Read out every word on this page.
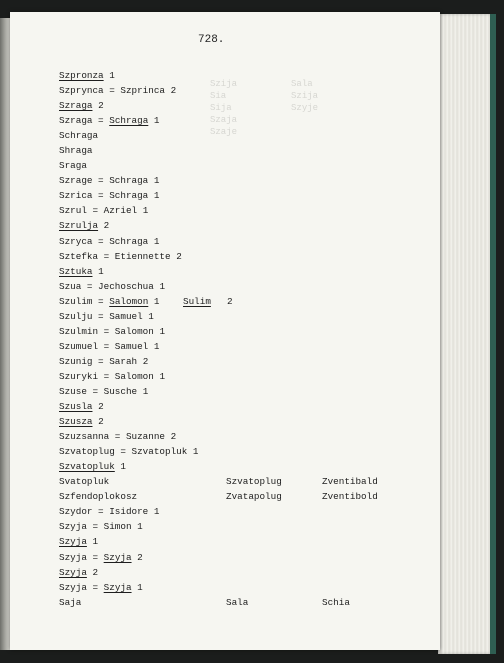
Szija          Sala
Sia            Szija
Sija           Szyje
Szaja
Szaje
728.
Szpronza 1
Szprynca = Szprinca 2
Szraga 2
Szraga = Schraga 1
Schraga
Shraga
Sraga
Szrage = Schraga 1
Szrica = Schraga 1
Szrul = Azriel 1
Szrulja 2
Szryca = Schraga 1
Sztefka = Etiennette 2
Sztuka 1
Szua = Jechoschua 1
Szulim = Salomon 1	Sulim 2
Szulju = Samuel 1
Szulmin = Salomon 1
Szumuel = Samuel 1
Szunig = Sarah 2
Szuryki = Salomon 1
Szuse = Susche 1
Szusla 2
Szusza 2
Szuzsanna = Suzanne 2
Szvatoplug = Szvatopluk 1
Szvatopluk 1
Svatopluk	Szvatoplug	Zventibald
Szfendoplokosz	Zvatapolug	Zventibold
Szydor = Isidore 1
Szyja = Simon 1
Szyja 1
Szyja = Szyja 2
Szyja 2
Szyja = Szyja 1
Saja	Sala	Schia
